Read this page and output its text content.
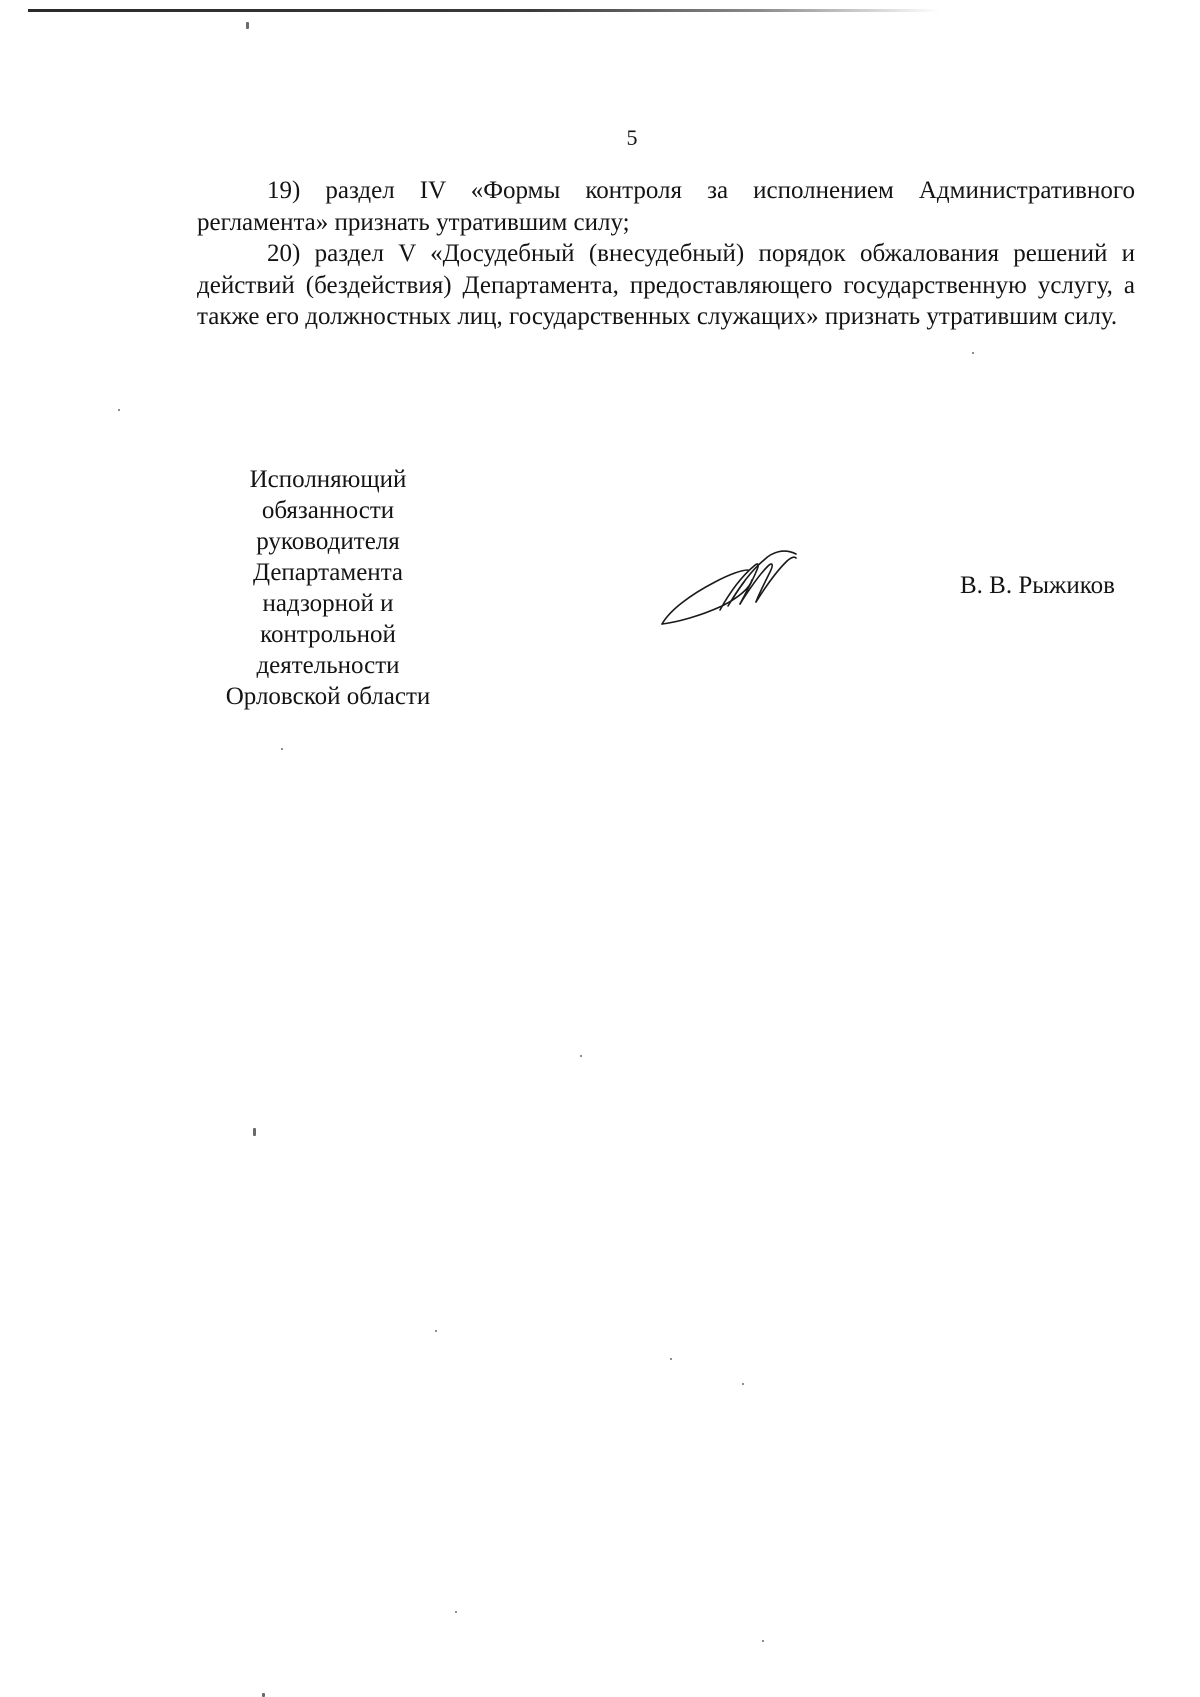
5

19) раздел IV «Формы контроля за исполнением Административного регламента» признать утратившим силу;

20) раздел V «Досудебный (внесудебный) порядок обжалования решений и действий (бездействия) Департамента, предоставляющего государственную услугу, а также его должностных лиц, государственных служащих» признать утратившим силу.

Исполняющий
обязанности
руководителя
Департамента
надзорной и
контрольной
деятельности
Орловской области
В. В. Рыжиков
